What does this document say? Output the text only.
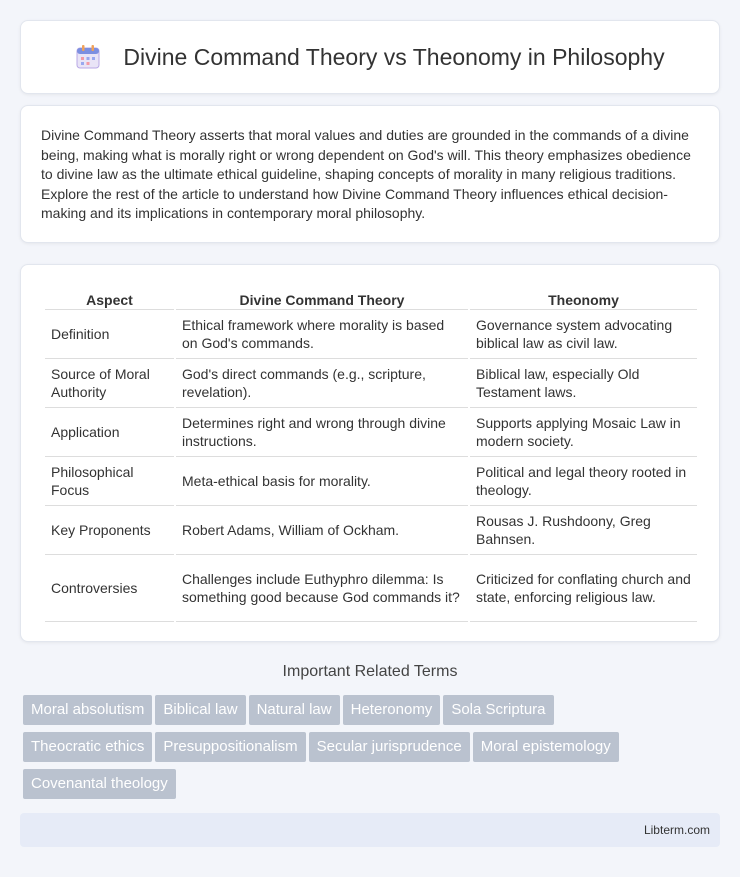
Divine Command Theory vs Theonomy in Philosophy

Divine Command Theory asserts that moral values and duties are grounded in the commands of a divine being, making what is morally right or wrong dependent on God's will. This theory emphasizes obedience to divine law as the ultimate ethical guideline, shaping concepts of morality in many religious traditions. Explore the rest of the article to understand how Divine Command Theory influences ethical decision-making and its implications in contemporary moral philosophy.

Aspect	Divine Command Theory	Theonomy
Definition	Ethical framework where morality is based on God's commands.	Governance system advocating biblical law as civil law.
Source of Moral Authority	God's direct commands (e.g., scripture, revelation).	Biblical law, especially Old Testament laws.
Application	Determines right and wrong through divine instructions.	Supports applying Mosaic Law in modern society.
Philosophical Focus	Meta-ethical basis for morality.	Political and legal theory rooted in theology.
Key Proponents	Robert Adams, William of Ockham.	Rousas J. Rushdoony, Greg Bahnsen.
Controversies	Challenges include Euthyphro dilemma: Is something good because God commands it?	Criticized for conflating church and state, enforcing religious law.
Important Related Terms
Moral absolutism Biblical law Natural law Heteronomy Sola Scriptura
Theocratic ethics Presuppositionalism Secular jurisprudence Moral epistemology
Covenantal theology
Libterm.com
